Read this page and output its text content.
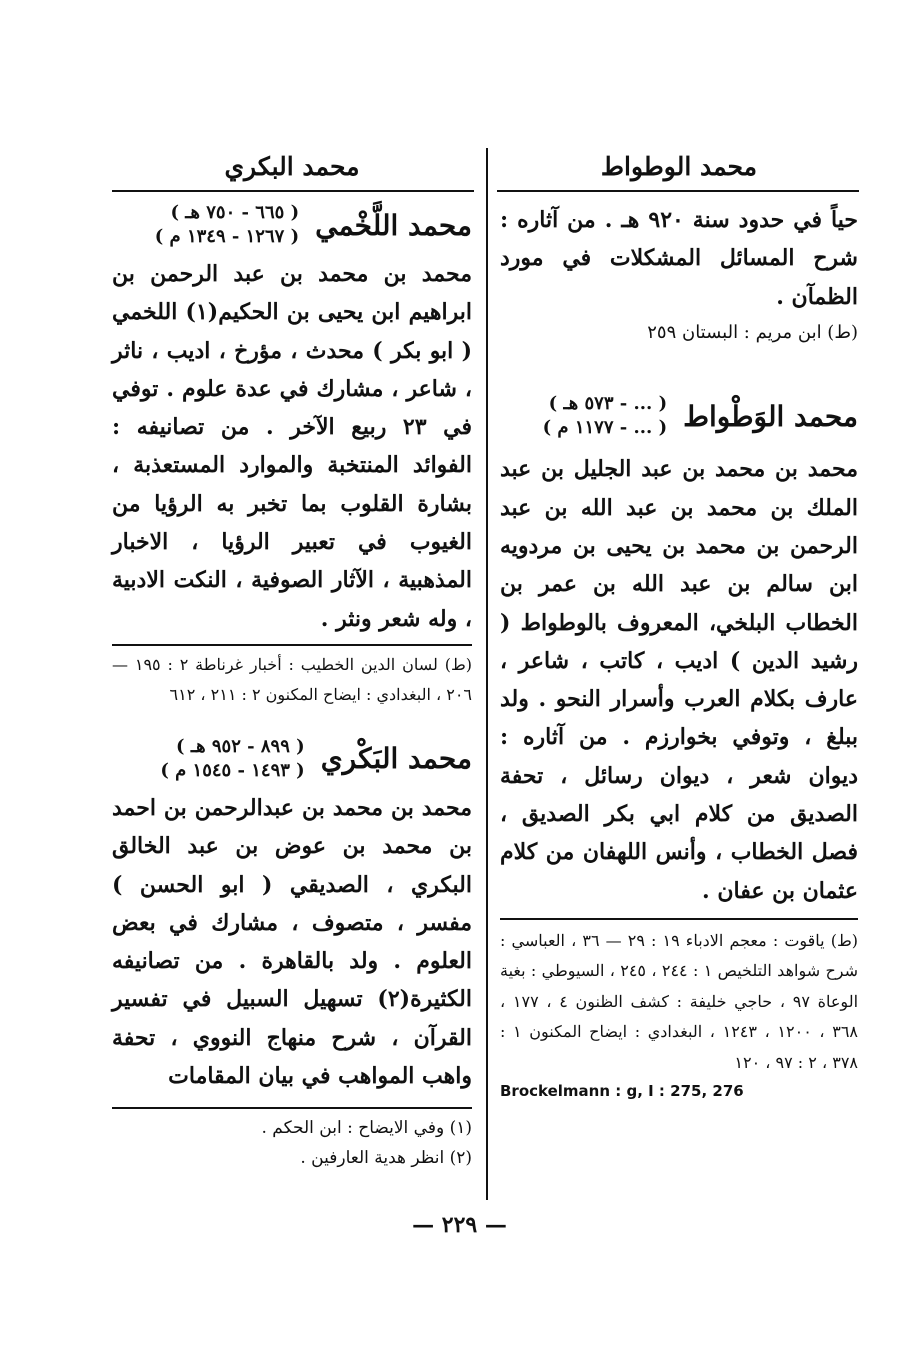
محمد الوطواط

حياً في حدود سنة ٩٢٠ هـ . من آثاره : شرح المسائل المشكلات في مورد الظمآن .

(ط) ابن مريم : البستان ٢٥٩

محمد الوَطْواط
( ... - ٥٧٣ هـ )
( ... - ١١٧٧ م )

محمد بن محمد بن عبد الجليل بن عبد الملك بن محمد بن عبد الله بن عبد الرحمن بن محمد بن يحيى بن مردويه ابن سالم بن عبد الله بن عمر بن الخطاب البلخي، المعروف بالوطواط ( رشيد الدين ) اديب ، كاتب ، شاعر ، عارف بكلام العرب وأسرار النحو . ولد ببلغ ، وتوفي بخوارزم . من آثاره : ديوان شعر ، ديوان رسائل ، تحفة الصديق من كلام ابي بكر الصديق ، فصل الخطاب ، وأنس اللهفان من كلام عثمان بن عفان .

(ط) ياقوت : معجم الادباء ١٩ : ٢٩ — ٣٦ ، العباسي : شرح شواهد التلخيص ١ : ٢٤٤ ، ٢٤٥ ، السيوطي : بغية الوعاة ٩٧ ، حاجي خليفة : كشف الظنون ٤ ، ١٧٧ ، ٣٦٨ ، ١٢٠٠ ، ١٢٤٣ ، البغدادي : ايضاح المكنون ١ : ٣٧٨ ، ٢ : ٩٧ ، ١٢٠

Brockelmann : g, I : 275, 276

محمد البكري
محمد اللَّخْمي
( ٦٦٥ - ٧٥٠ هـ )
( ١٢٦٧ - ١٣٤٩ م )

محمد بن محمد بن عبد الرحمن بن ابراهيم ابن يحيى بن الحكيم(١) اللخمي ( ابو بكر ) محدث ، مؤرخ ، اديب ، ناثر ، شاعر ، مشارك في عدة علوم . توفي في ٢٣ ربيع الآخر . من تصانيفه : الفوائد المنتخبة والموارد المستعذبة ، بشارة القلوب بما تخبر به الرؤيا من الغيوب في تعبير الرؤيا ، الاخبار المذهبية ، الآثار الصوفية ، النكت الادبية ، وله شعر ونثر .

(ط) لسان الدين الخطيب : أخبار غرناطة ٢ : ١٩٥ — ٢٠٦ ، البغدادي : ايضاح المكنون ٢ : ٢١١ ، ٦١٢

محمد البَكْري
( ٨٩٩ - ٩٥٢ هـ )
( ١٤٩٣ - ١٥٤٥ م )

محمد بن محمد بن عبدالرحمن بن احمد بن محمد بن عوض بن عبد الخالق البكري ، الصديقي ( ابو الحسن ) مفسر ، متصوف ، مشارك في بعض العلوم . ولد بالقاهرة . من تصانيفه الكثيرة(٢) تسهيل السبيل في تفسير القرآن ، شرح منهاج النووي ، تحفة واهب المواهب في بيان المقامات

(١) وفي الايضاح : ابن الحكم .

(٢) انظر هدية العارفين .

— ٢٢٩ —
